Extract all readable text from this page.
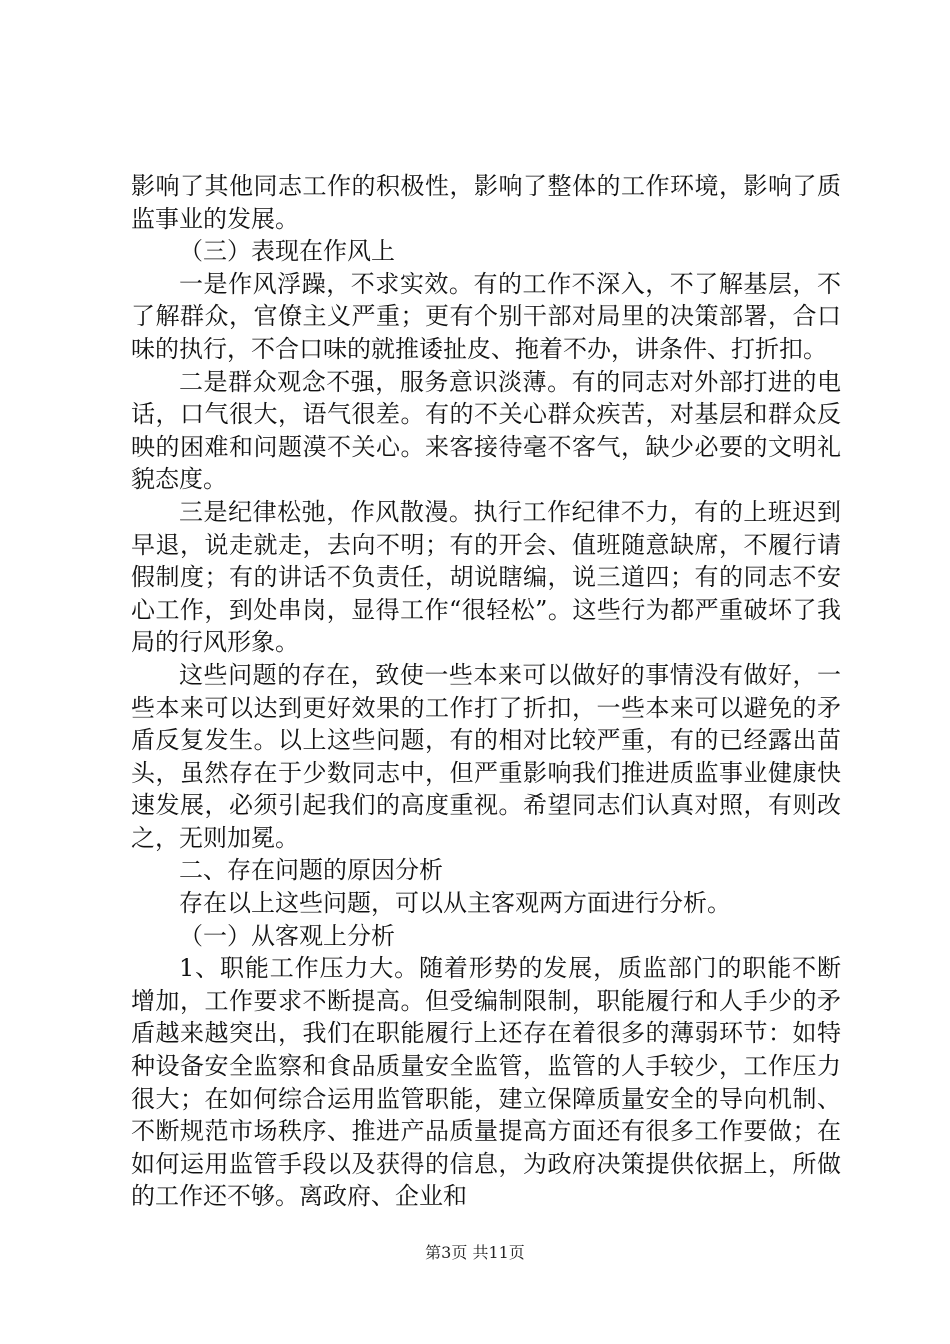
影响了其他同志工作的积极性，影响了整体的工作环境，影响了质监事业的发展。

（三）表现在作风上

一是作风浮躁，不求实效。有的工作不深入，不了解基层，不了解群众，官僚主义严重；更有个别干部对局里的决策部署，合口味的执行，不合口味的就推诿扯皮、拖着不办，讲条件、打折扣。

二是群众观念不强，服务意识淡薄。有的同志对外部打进的电话，口气很大，语气很差。有的不关心群众疾苦，对基层和群众反映的困难和问题漠不关心。来客接待毫不客气，缺少必要的文明礼貌态度。

三是纪律松弛，作风散漫。执行工作纪律不力，有的上班迟到早退，说走就走，去向不明；有的开会、值班随意缺席，不履行请假制度；有的讲话不负责任，胡说瞎编，说三道四；有的同志不安心工作，到处串岗，显得工作“很轻松”。这些行为都严重破坏了我局的行风形象。

这些问题的存在，致使一些本来可以做好的事情没有做好，一些本来可以达到更好效果的工作打了折扣，一些本来可以避免的矛盾反复发生。以上这些问题，有的相对比较严重，有的已经露出苗头，虽然存在于少数同志中，但严重影响我们推进质监事业健康快速发展，必须引起我们的高度重视。希望同志们认真对照，有则改之，无则加冕。

二、存在问题的原因分析

存在以上这些问题，可以从主客观两方面进行分析。

（一）从客观上分析

1、职能工作压力大。随着形势的发展，质监部门的职能不断增加，工作要求不断提高。但受编制限制，职能履行和人手少的矛盾越来越突出，我们在职能履行上还存在着很多的薄弱环节：如特种设备安全监察和食品质量安全监管，监管的人手较少，工作压力很大；在如何综合运用监管职能，建立保障质量安全的导向机制、不断规范市场秩序、推进产品质量提高方面还有很多工作要做；在如何运用监管手段以及获得的信息，为政府决策提供依据上，所做的工作还不够。离政府、企业和

第3页 共11页
